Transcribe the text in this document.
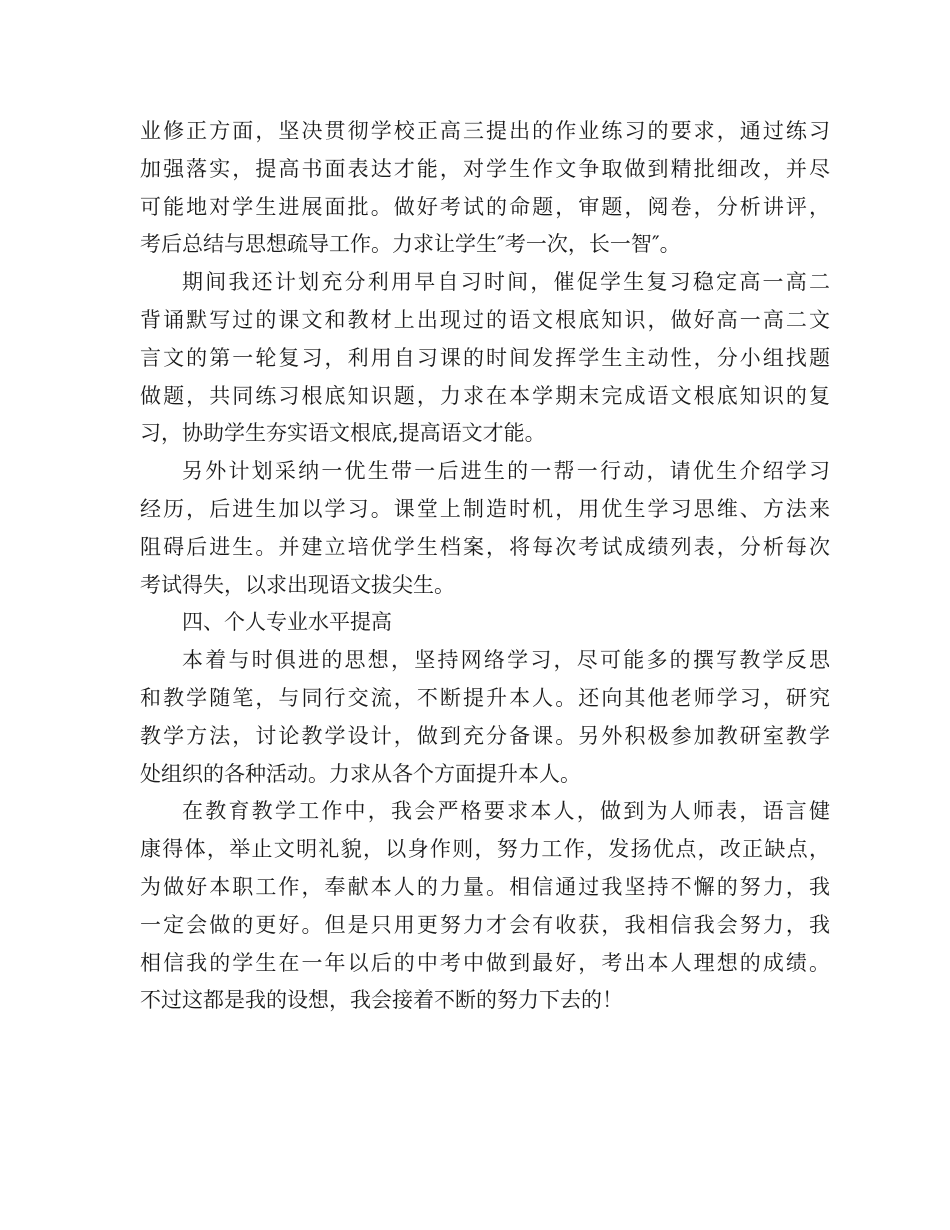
业修正方面，坚决贯彻学校正高三提出的作业练习的要求，通过练习
加强落实，提高书面表达才能，对学生作文争取做到精批细改，并尽
可能地对学生进展面批。做好考试的命题，审题，阅卷，分析讲评，
考后总结与思想疏导工作。力求让学生″考一次，长一智″。
期间我还计划充分利用早自习时间，催促学生复习稳定高一高二
背诵默写过的课文和教材上出现过的语文根底知识，做好高一高二文
言文的第一轮复习，利用自习课的时间发挥学生主动性，分小组找题
做题，共同练习根底知识题，力求在本学期末完成语文根底知识的复
习，协助学生夯实语文根底,提高语文才能。
另外计划采纳一优生带一后进生的一帮一行动，请优生介绍学习
经历，后进生加以学习。课堂上制造时机，用优生学习思维、方法来
阻碍后进生。并建立培优学生档案，将每次考试成绩列表，分析每次
考试得失，以求出现语文拔尖生。
四、个人专业水平提高
本着与时俱进的思想，坚持网络学习，尽可能多的撰写教学反思
和教学随笔，与同行交流，不断提升本人。还向其他老师学习，研究
教学方法，讨论教学设计，做到充分备课。另外积极参加教研室教学
处组织的各种活动。力求从各个方面提升本人。
在教育教学工作中，我会严格要求本人，做到为人师表，语言健
康得体，举止文明礼貌，以身作则，努力工作，发扬优点，改正缺点，
为做好本职工作，奉献本人的力量。相信通过我坚持不懈的努力，我
一定会做的更好。但是只用更努力才会有收获，我相信我会努力，我
相信我的学生在一年以后的中考中做到最好，考出本人理想的成绩。
不过这都是我的设想，我会接着不断的努力下去的！
